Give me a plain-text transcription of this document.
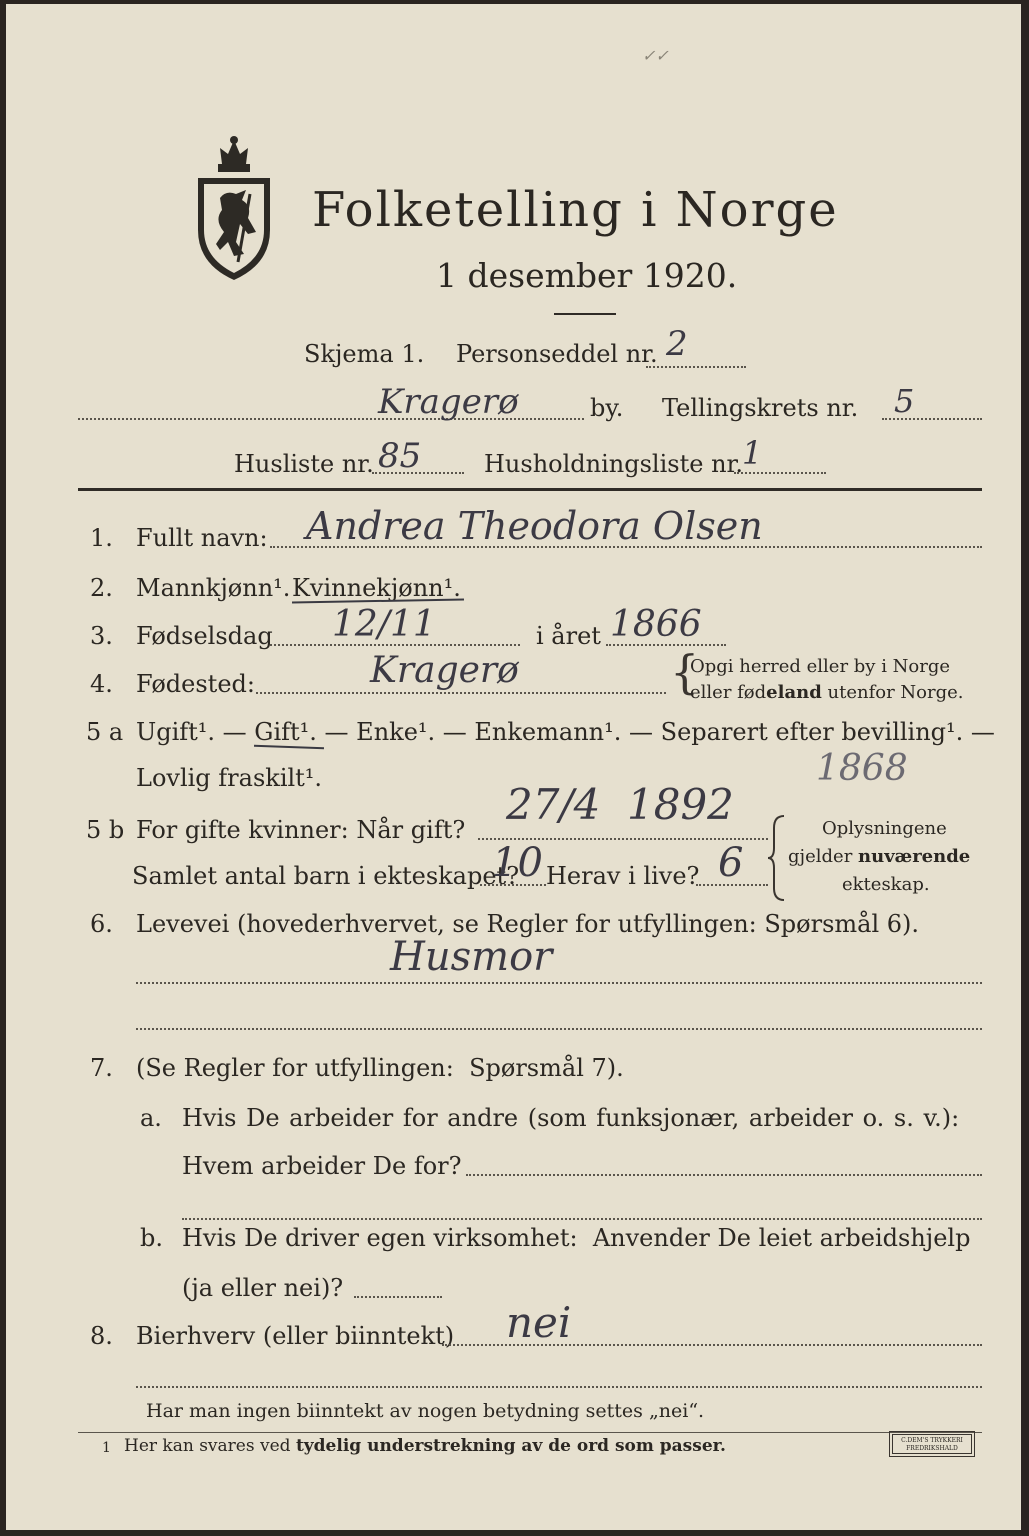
✓✓
Folketelling i Norge
1 desember 1920.
Skjema 1. Personseddel nr. 2
Kragerø	by. Tellingskrets nr. 5
Husliste nr. 85	Husholdningsliste nr. 1
1. Fullt navn: Andrea Theodora Olsen
2. Mannkjønn¹. Kvinnekjønn¹.
3. Fødselsdag 12/11	i året 1866
4. Fødested:	Kragerø	{
Opgi herred eller by i Norge
eller fødeland utenfor Norge.
5 a Ugift¹. — Gift¹. — Enke¹. — Enkemann¹. — Separert efter bevilling¹. —
Lovlig fraskilt¹.	1868
5 b For gifte kvinner: Når gift?
27/4  1892
Samlet antal barn i ekteskapet?
10 Herav i live? 6
Oplysningene
gjelder nuværende
ekteskap.
6. Levevei (hovederhvervet, se Regler for utfyllingen: Spørsmål 6).
Husmor
7. (Se Regler for utfyllingen:  Spørsmål 7).
a. Hvis De arbeider for andre (som funksjonær, arbeider o. s. v.):
Hvem arbeider De for?
b. Hvis De driver egen virksomhet:  Anvender De leiet arbeidshjelp
(ja eller nei)?
8. Bierhverv (eller biinntekt) nei
Har man ingen biinntekt av nogen betydning settes „nei“.
1 Her kan svares ved tydelig understrekning av de ord som passer.	C.DEM'S TRYKKERI
FREDRIKSHALD
